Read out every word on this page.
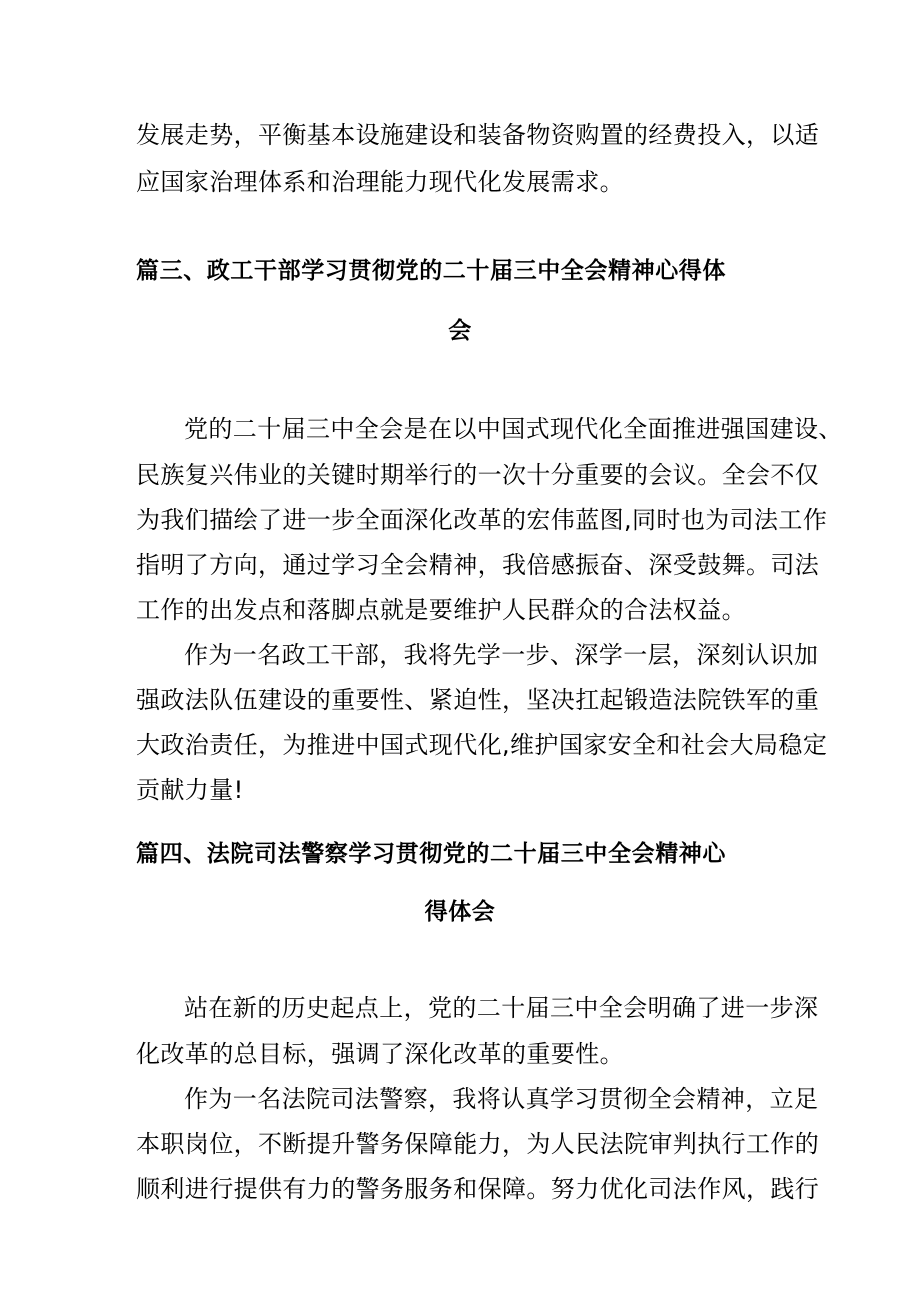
发展走势，平衡基本设施建设和装备物资购置的经费投入，以适
应国家治理体系和治理能力现代化发展需求。
篇三、政工干部学习贯彻党的二十届三中全会精神心得体
会
党的二十届三中全会是在以中国式现代化全面推进强国建设、
民族复兴伟业的关键时期举行的一次十分重要的会议。全会不仅
为我们描绘了进一步全面深化改革的宏伟蓝图,同时也为司法工作
指明了方向，通过学习全会精神，我倍感振奋、深受鼓舞。司法
工作的出发点和落脚点就是要维护人民群众的合法权益。
作为一名政工干部，我将先学一步、深学一层，深刻认识加
强政法队伍建设的重要性、紧迫性，坚决扛起锻造法院铁军的重
大政治责任，为推进中国式现代化,维护国家安全和社会大局稳定
贡献力量!
篇四、法院司法警察学习贯彻党的二十届三中全会精神心
得体会
站在新的历史起点上，党的二十届三中全会明确了进一步深
化改革的总目标，强调了深化改革的重要性。
作为一名法院司法警察，我将认真学习贯彻全会精神，立足
本职岗位，不断提升警务保障能力，为人民法院审判执行工作的
顺利进行提供有力的警务服务和保障。努力优化司法作风，践行
